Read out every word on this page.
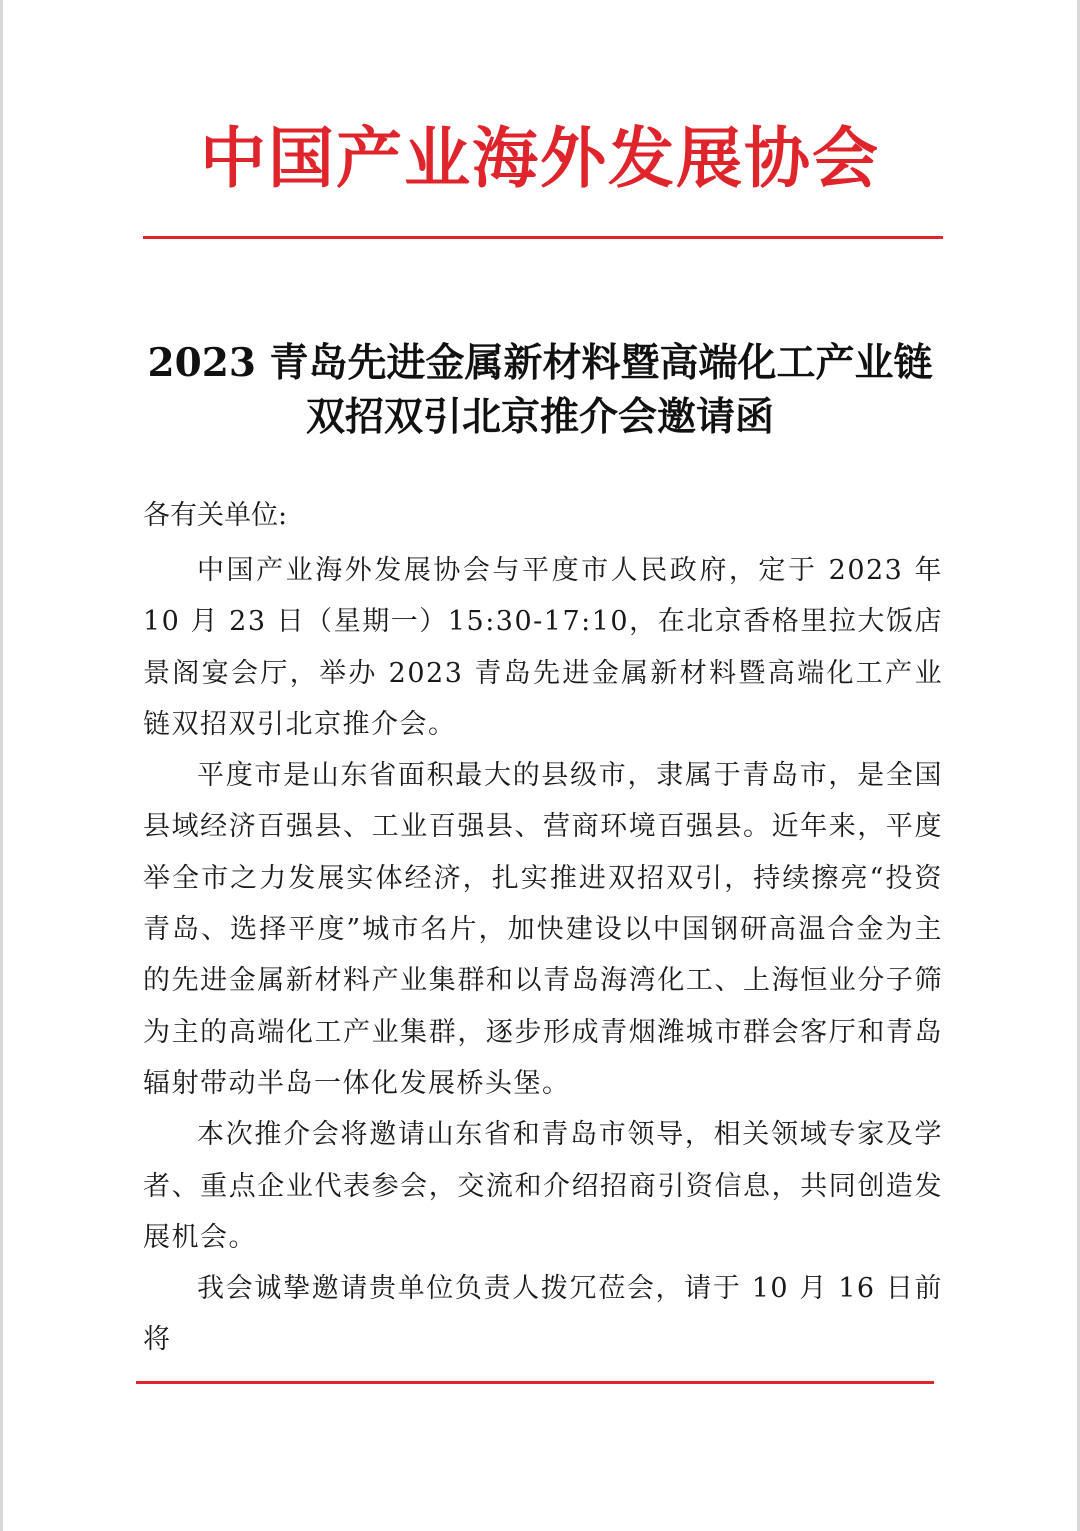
中国产业海外发展协会
2023 青岛先进金属新材料暨高端化工产业链
双招双引北京推介会邀请函
各有关单位:

中国产业海外发展协会与平度市人民政府，定于 2023 年 10 月 23 日（星期一）15:30-17:10，在北京香格里拉大饭店景阁宴会厅，举办 2023 青岛先进金属新材料暨高端化工产业链双招双引北京推介会。

平度市是山东省面积最大的县级市，隶属于青岛市，是全国县域经济百强县、工业百强县、营商环境百强县。近年来，平度举全市之力发展实体经济，扎实推进双招双引，持续擦亮“投资青岛、选择平度”城市名片，加快建设以中国钢研高温合金为主的先进金属新材料产业集群和以青岛海湾化工、上海恒业分子筛为主的高端化工产业集群，逐步形成青烟潍城市群会客厅和青岛辐射带动半岛一体化发展桥头堡。

本次推介会将邀请山东省和青岛市领导，相关领域专家及学者、重点企业代表参会，交流和介绍招商引资信息，共同创造发展机会。

我会诚挚邀请贵单位负责人拨冗莅会，请于 10 月 16 日前将
